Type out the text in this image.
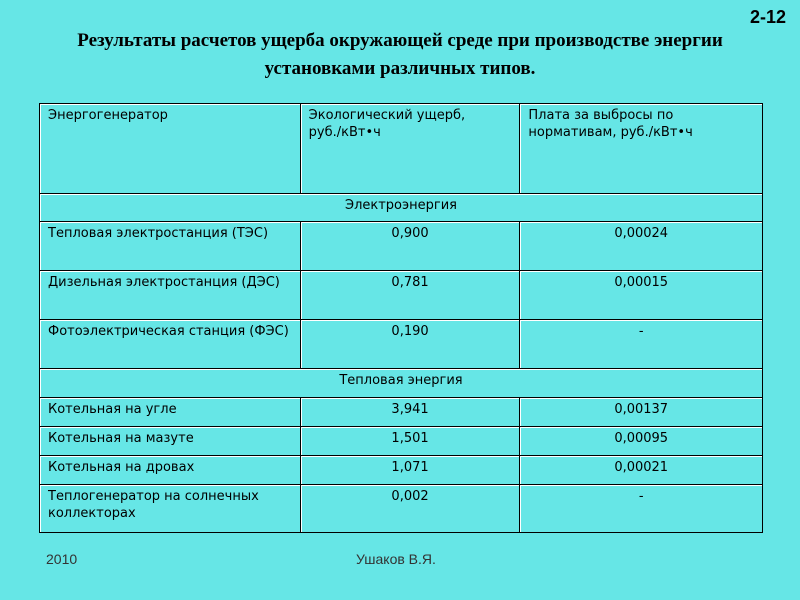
2-12
Результаты расчетов ущерба окружающей среде при производстве энергии
установками различных типов.
Энергогенератор	Экологический ущерб, руб./кВт•ч	Плата за выбросы по нормативам, руб./кВт•ч
Электроэнергия		
Тепловая электростанция (ТЭС)	0,900	0,00024
Дизельная электростанция (ДЭС)	0,781	0,00015
Фотоэлектрическая станция (ФЭС)	0,190	-
Тепловая энергия		
Котельная на угле	3,941	0,00137
Котельная на мазуте	1,501	0,00095
Котельная на дровах	1,071	0,00021
Теплогенератор на солнечных коллекторах	0,002	-
2010	Ушаков В.Я.
